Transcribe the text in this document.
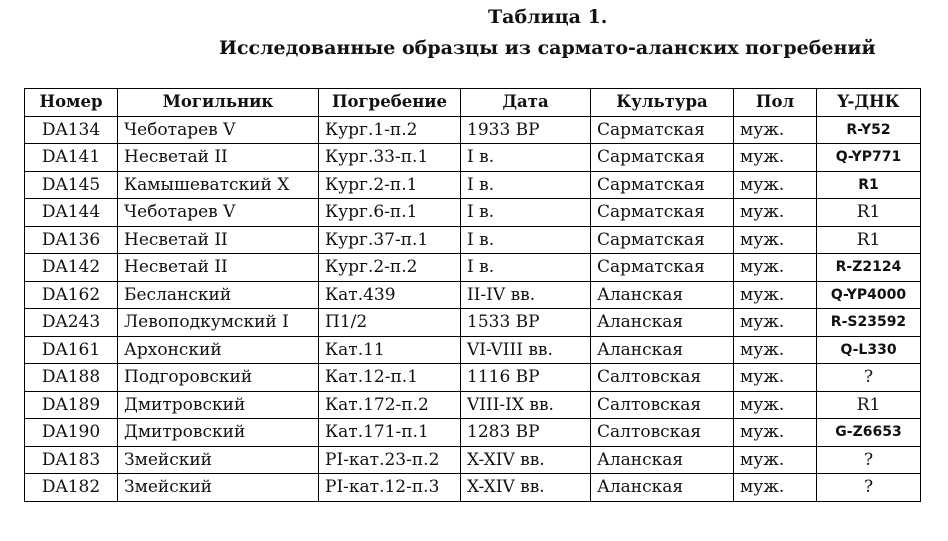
Таблица 1.
Исследованные образцы из сармато-аланских погребений
Номер	Могильник	Погребение	Дата	Культура	Пол	Y-ДНК
DA134	Чеботарев V	Кург.1-п.2	1933 BP	Сарматская	муж.	R-Y52
DA141	Несветай II	Кург.33-п.1	I в.	Сарматская	муж.	Q-YP771
DA145	Камышеватский X	Кург.2-п.1	I в.	Сарматская	муж.	R1
DA144	Чеботарев V	Кург.6-п.1	I в.	Сарматская	муж.	R1
DA136	Несветай II	Кург.37-п.1	I в.	Сарматская	муж.	R1
DA142	Несветай II	Кург.2-п.2	I в.	Сарматская	муж.	R-Z2124
DA162	Бесланский	Кат.439	II-IV вв.	Аланская	муж.	Q-YP4000
DA243	Левоподкумский I	П1/2	1533 BP	Аланская	муж.	R-S23592
DA161	Архонский	Кат.11	VI-VIII вв.	Аланская	муж.	Q-L330
DA188	Подгоровский	Кат.12-п.1	1116 BP	Салтовская	муж.	?
DA189	Дмитровский	Кат.172-п.2	VIII-IX вв.	Салтовская	муж.	R1
DA190	Дмитровский	Кат.171-п.1	1283 BP	Салтовская	муж.	G-Z6653
DA183	Змейский	PI-кат.23-п.2	X-XIV вв.	Аланская	муж.	?
DA182	Змейский	PI-кат.12-п.3	X-XIV вв.	Аланская	муж.	?
